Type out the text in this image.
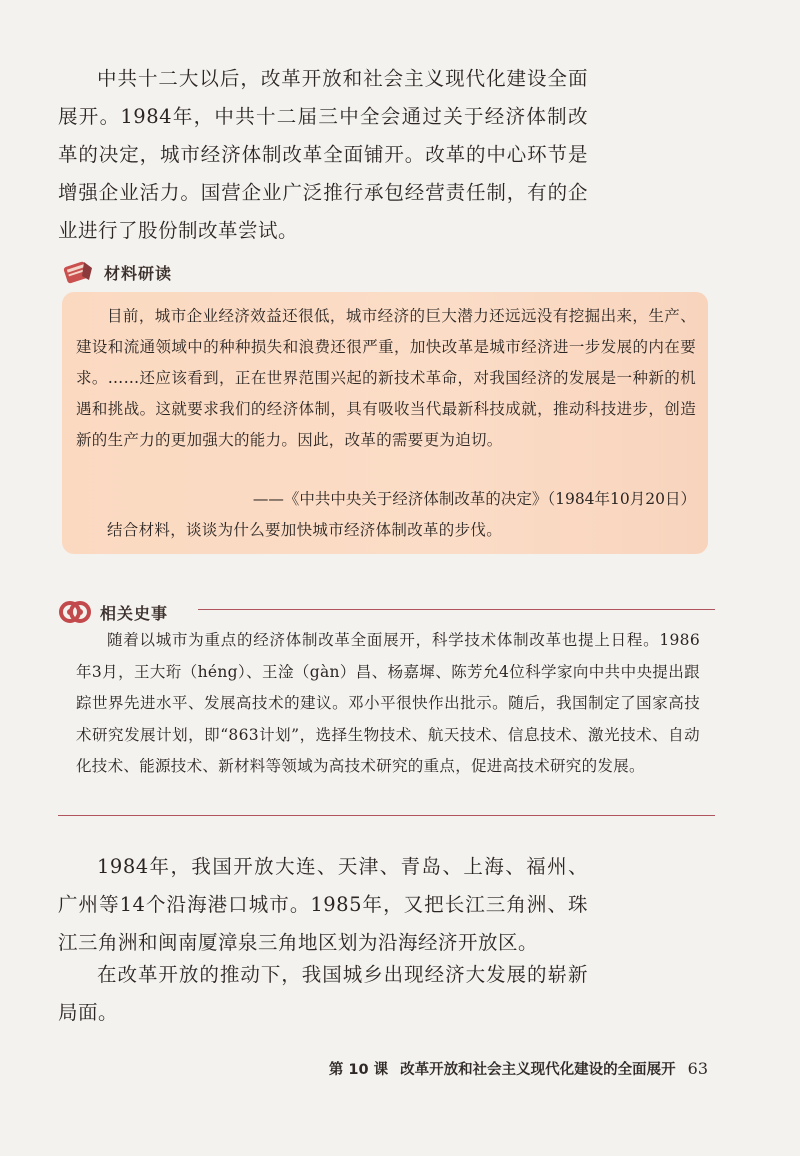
中共十二大以后，改革开放和社会主义现代化建设全面展开。1984年，中共十二届三中全会通过关于经济体制改革的决定，城市经济体制改革全面铺开。改革的中心环节是增强企业活力。国营企业广泛推行承包经营责任制，有的企业进行了股份制改革尝试。

材料研读

目前，城市企业经济效益还很低，城市经济的巨大潜力还远远没有挖掘出来，生产、建设和流通领域中的种种损失和浪费还很严重，加快改革是城市经济进一步发展的内在要求。……还应该看到，正在世界范围兴起的新技术革命，对我国经济的发展是一种新的机遇和挑战。这就要求我们的经济体制，具有吸收当代最新科技成就，推动科技进步，创造新的生产力的更加强大的能力。因此，改革的需要更为迫切。

——《中共中央关于经济体制改革的决定》（1984年10月20日）

结合材料，谈谈为什么要加快城市经济体制改革的步伐。

相关史事

随着以城市为重点的经济体制改革全面展开，科学技术体制改革也提上日程。1986年3月，王大珩（héng）、王淦（gàn）昌、杨嘉墀、陈芳允4位科学家向中共中央提出跟踪世界先进水平、发展高技术的建议。邓小平很快作出批示。随后，我国制定了国家高技术研究发展计划，即“863计划”，选择生物技术、航天技术、信息技术、激光技术、自动化技术、能源技术、新材料等领域为高技术研究的重点，促进高技术研究的发展。

1984年，我国开放大连、天津、青岛、上海、福州、广州等14个沿海港口城市。1985年，又把长江三角洲、珠江三角洲和闽南厦漳泉三角地区划为沿海经济开放区。

在改革开放的推动下，我国城乡出现经济大发展的崭新局面。

第 10 课 改革开放和社会主义现代化建设的全面展开 63
